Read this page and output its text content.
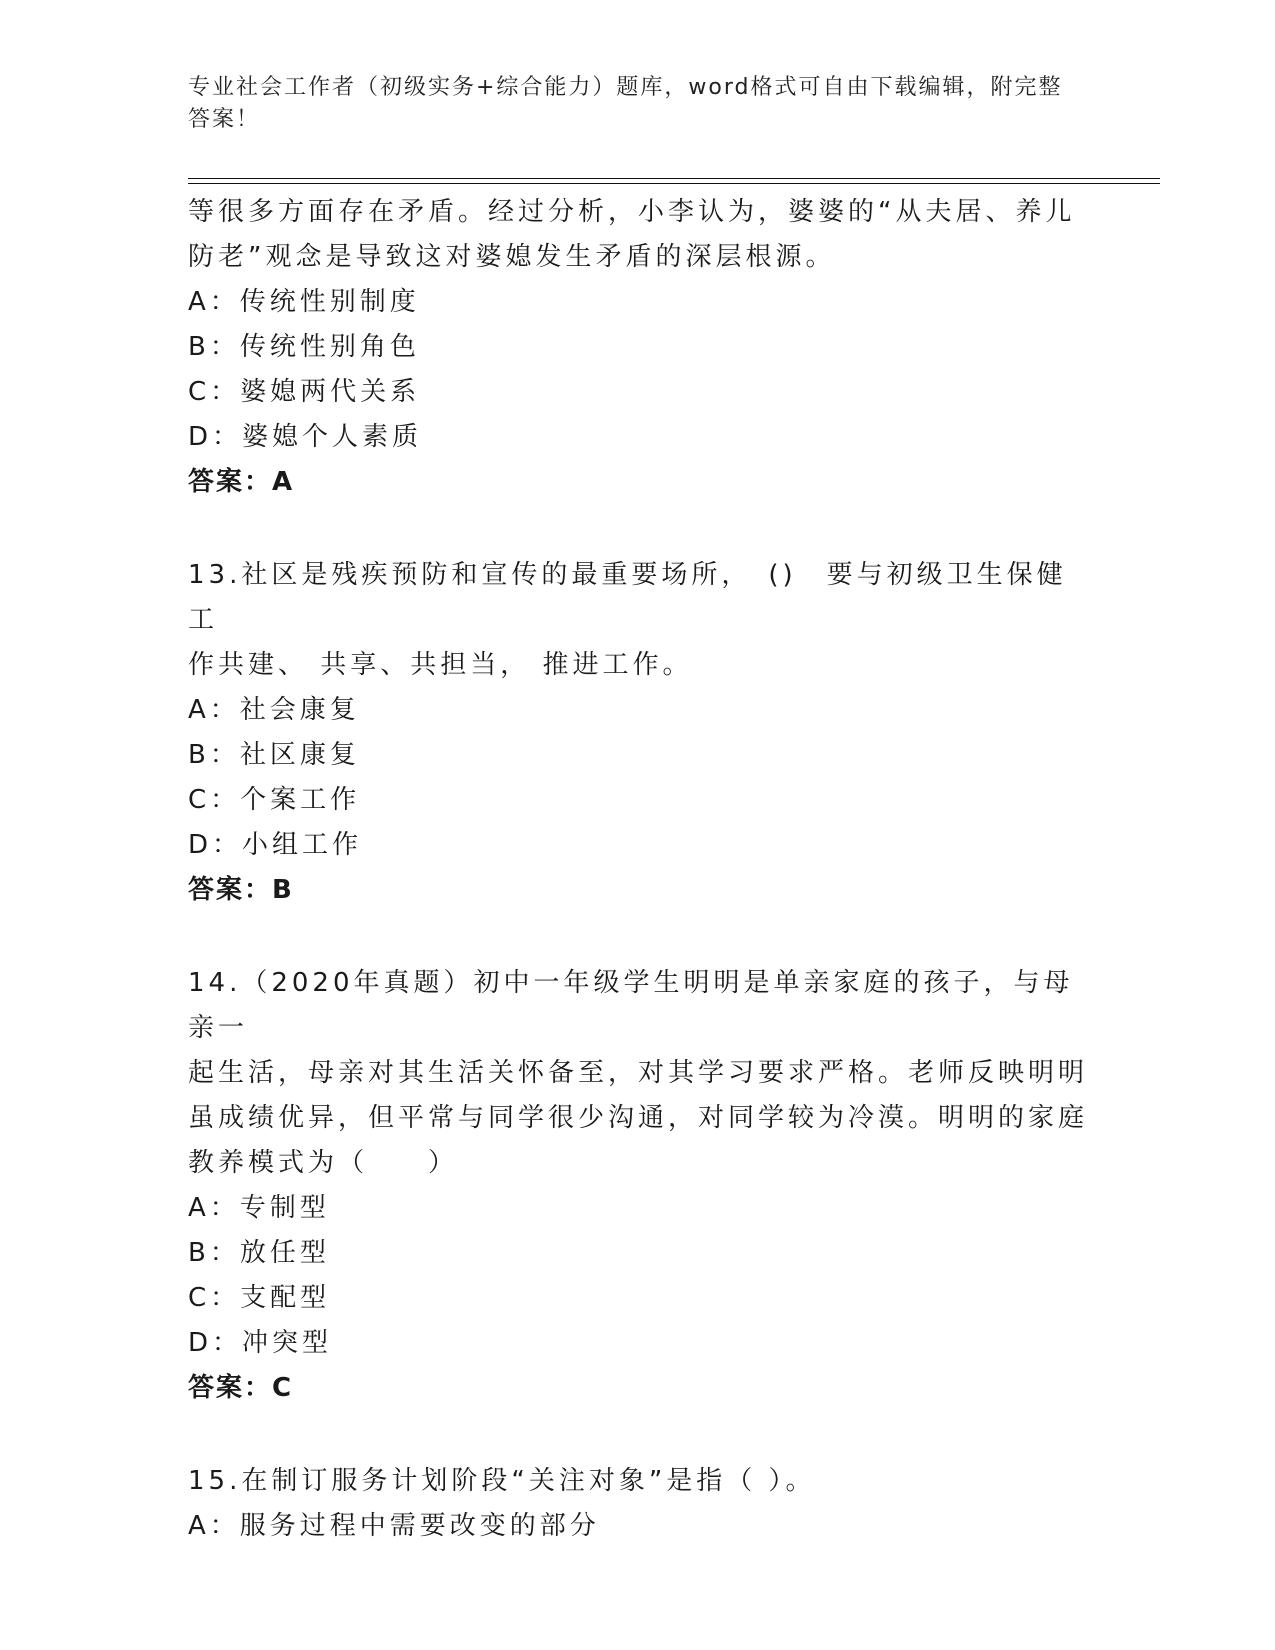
专业社会工作者（初级实务+综合能力）题库，word格式可自由下载编辑，附完整
答案！

等很多方面存在矛盾。经过分析，小李认为，婆婆的“从夫居、养儿

防老”观念是导致这对婆媳发生矛盾的深层根源。

A：传统性别制度

B：传统性别角色

C：婆媳两代关系

D：婆媳个人素质

答案：A

13.社区是残疾预防和宣传的最重要场所，　()　要与初级卫生保健工

作共建、 共享、共担当， 推进工作。

A：社会康复

B：社区康复

C：个案工作

D：小组工作

答案：B

14.（2020年真题）初中一年级学生明明是单亲家庭的孩子，与母亲一

起生活，母亲对其生活关怀备至，对其学习要求严格。老师反映明明

虽成绩优异，但平常与同学很少沟通，对同学较为冷漠。明明的家庭

教养模式为（　　）

A：专制型

B：放任型

C：支配型

D：冲突型

答案：C

15.在制订服务计划阶段“关注对象”是指（ ）。

A：服务过程中需要改变的部分
